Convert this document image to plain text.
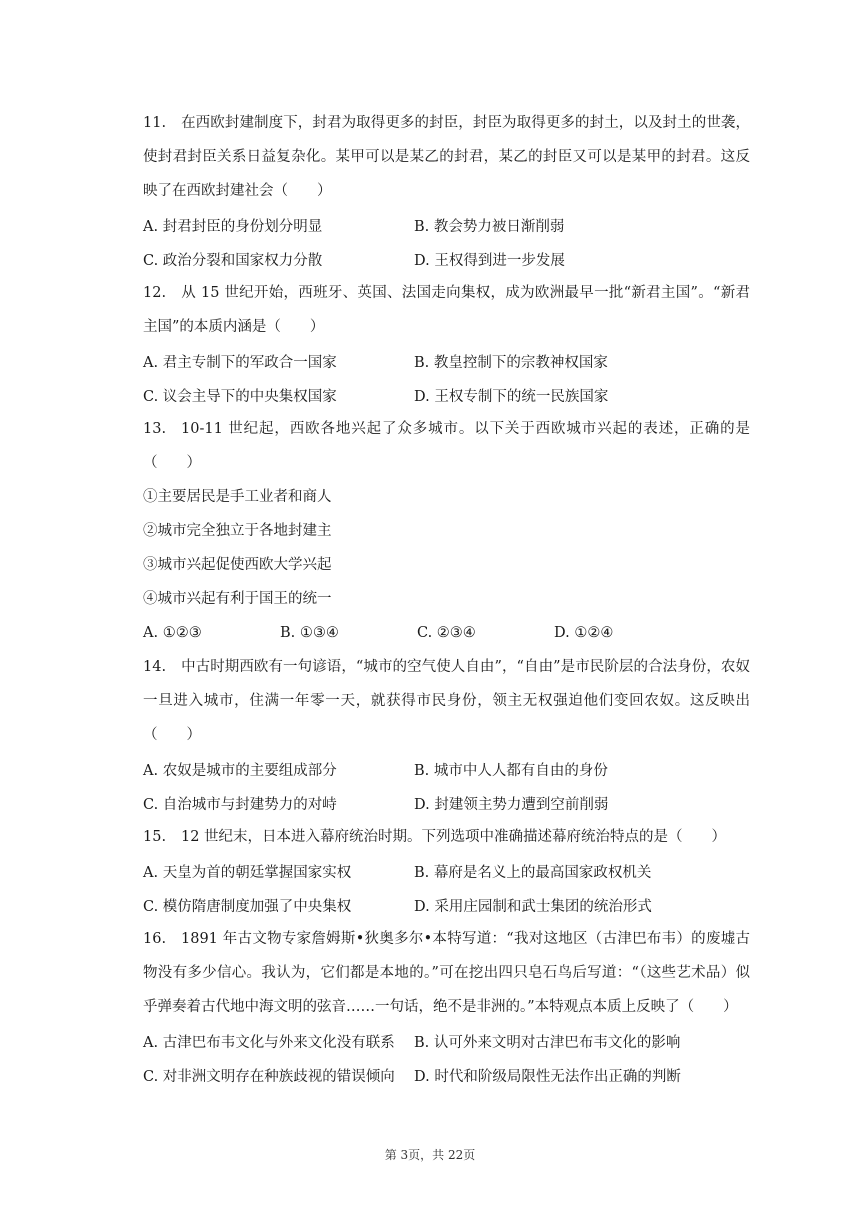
11. 在西欧封建制度下，封君为取得更多的封臣，封臣为取得更多的封土，以及封土的世袭，使封君封臣关系日益复杂化。某甲可以是某乙的封君，某乙的封臣又可以是某甲的封君。这反映了在西欧封建社会（　　）

A. 封君封臣的身份划分明显	B. 教会势力被日渐削弱
C. 政治分裂和国家权力分散	D. 王权得到进一步发展

12. 从 15 世纪开始，西班牙、英国、法国走向集权，成为欧洲最早一批“新君主国”。“新君主国”的本质内涵是（　　）

A. 君主专制下的军政合一国家	B. 教皇控制下的宗教神权国家
C. 议会主导下的中央集权国家	D. 王权专制下的统一民族国家

13. 10-11 世纪起，西欧各地兴起了众多城市。以下关于西欧城市兴起的表述，正确的是（　　）

①主要居民是手工业者和商人

②城市完全独立于各地封建主

③城市兴起促使西欧大学兴起

④城市兴起有利于国王的统一

A. ①②③	B. ①③④	C. ②③④	D. ①②④

14. 中古时期西欧有一句谚语，“城市的空气使人自由”，“自由”是市民阶层的合法身份，农奴一旦进入城市，住满一年零一天，就获得市民身份，领主无权强迫他们变回农奴。这反映出（　　）

A. 农奴是城市的主要组成部分	B. 城市中人人都有自由的身份
C. 自治城市与封建势力的对峙	D. 封建领主势力遭到空前削弱

15. 12 世纪末，日本进入幕府统治时期。下列选项中准确描述幕府统治特点的是（　　）

A. 天皇为首的朝廷掌握国家实权	B. 幕府是名义上的最高国家政权机关
C. 模仿隋唐制度加强了中央集权	D. 采用庄园制和武士集团的统治形式

16. 1891 年古文物专家詹姆斯•狄奥多尔•本特写道：“我对这地区（古津巴布韦）的废墟古物没有多少信心。我认为，它们都是本地的。”可在挖出四只皂石鸟后写道：“（这些艺术品）似乎弹奏着古代地中海文明的弦音……一句话，绝不是非洲的。”本特观点本质上反映了（　　）

A. 古津巴布韦文化与外来文化没有联系	B. 认可外来文明对古津巴布韦文化的影响
C. 对非洲文明存在种族歧视的错误倾向	D. 时代和阶级局限性无法作出正确的判断
第 3页，共 22页
